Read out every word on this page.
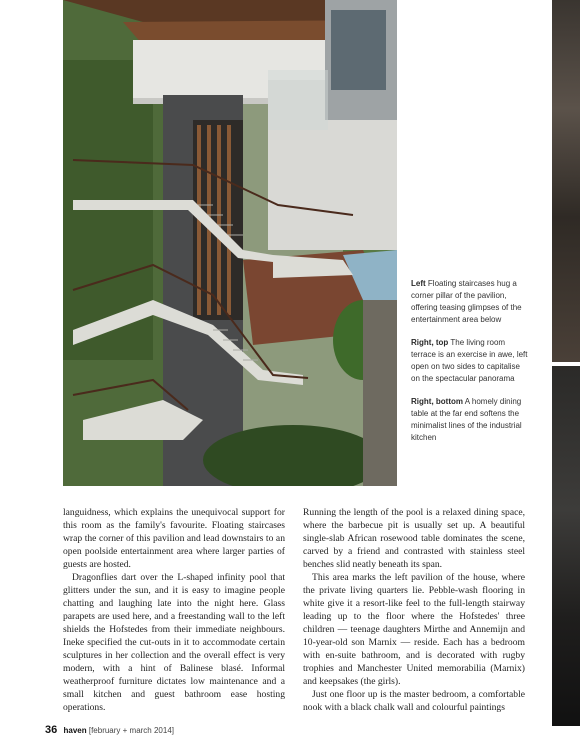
Left Floating staircases hug a corner pillar of the pavilion, offering teasing glimpses of the entertainment area below

Right, top The living room terrace is an exercise in awe, left open on two sides to capitalise on the spectacular panorama

Right, bottom A homely dining table at the far end softens the minimalist lines of the industrial kitchen

languidness, which explains the unequivocal support for this room as the family's favourite. Floating staircases wrap the corner of this pavilion and lead downstairs to an open poolside entertainment area where larger parties of guests are hosted.

Dragonflies dart over the L-shaped infinity pool that glitters under the sun, and it is easy to imagine people chatting and laughing late into the night here. Glass parapets are used here, and a freestanding wall to the left shields the Hofstedes from their immediate neighbours. Ineke specified the cut-outs in it to accommodate certain sculptures in her collection and the overall effect is very modern, with a hint of Balinese blasé. Informal weatherproof furniture dictates low maintenance and a small kitchen and guest bathroom ease hosting operations.

Running the length of the pool is a relaxed dining space, where the barbecue pit is usually set up. A beautiful single-slab African rosewood table dominates the scene, carved by a friend and contrasted with stainless steel benches slid neatly beneath its span.

This area marks the left pavilion of the house, where the private living quarters lie. Pebble-wash flooring in white give it a resort-like feel to the full-length stairway leading up to the floor where the Hofstedes' three children — teenage daughters Mirthe and Annemijn and 10-year-old son Marnix — reside. Each has a bedroom with en-suite bathroom, and is decorated with rugby trophies and Manchester United memorabilia (Marnix) and keepsakes (the girls).

Just one floor up is the master bedroom, a comfortable nook with a black chalk wall and colourful paintings

36 haven [february + march 2014]
